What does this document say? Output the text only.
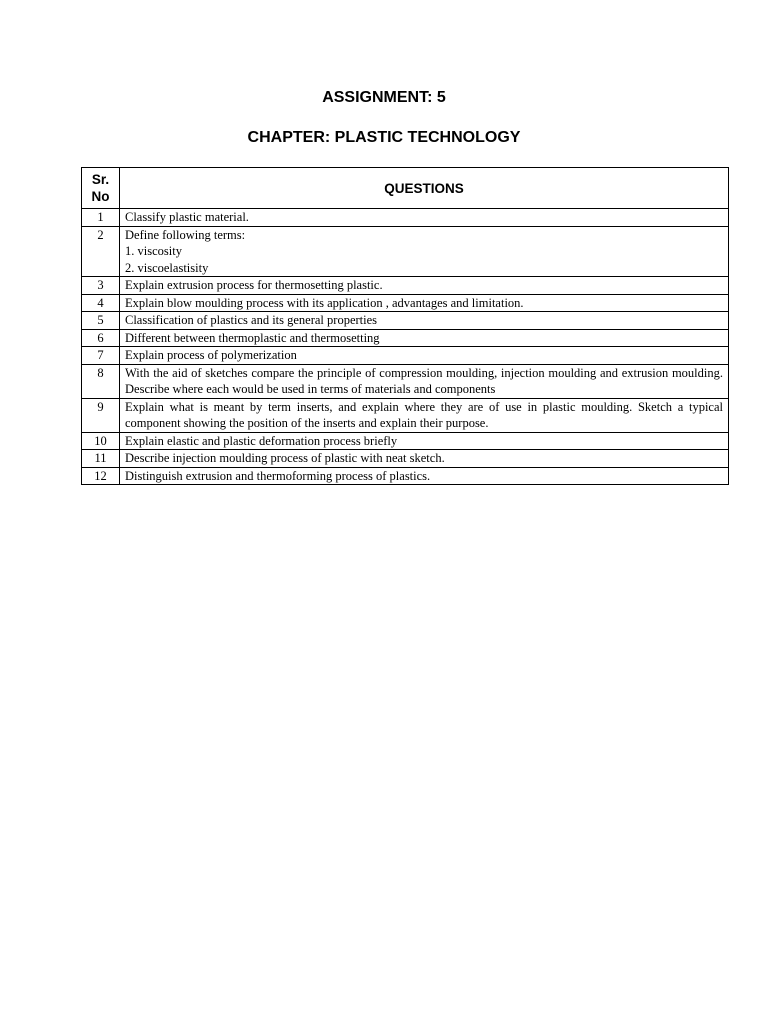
ASSIGNMENT: 5
CHAPTER: PLASTIC TECHNOLOGY
Sr.
No	QUESTIONS
1	Classify plastic material.
2	Define following terms:
1. viscosity
2. viscoelastisity

3	Explain extrusion process for thermosetting plastic.
4	Explain blow moulding process with its application , advantages and limitation.
5	Classification of plastics and its general properties
6	Different between thermoplastic and thermosetting
7	Explain process of polymerization
8	With the aid of sketches compare the principle of compression moulding, injection moulding and extrusion moulding. Describe where each would be used in terms of materials and components
9	Explain what is meant by term inserts, and explain where they are of use in plastic moulding. Sketch a typical component showing the position of the inserts and explain their purpose.
10	Explain elastic and plastic deformation process briefly
11	Describe injection moulding process of plastic with neat sketch.
12	Distinguish extrusion and thermoforming process of plastics.
